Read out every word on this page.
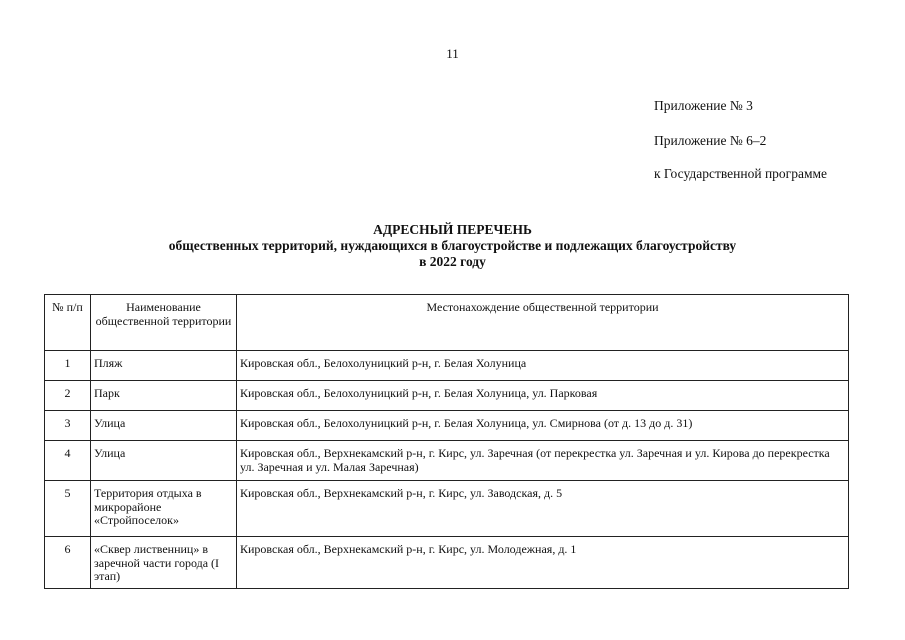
11
Приложение № 3
Приложение № 6–2
к Государственной программе
АДРЕСНЫЙ ПЕРЕЧЕНЬ
общественных территорий, нуждающихся в благоустройстве и подлежащих благоустройству
в 2022 году
№ п/п	Наименование общественной территории	Местонахождение общественной территории
1	Пляж	Кировская обл., Белохолуницкий р-н, г. Белая Холуница
2	Парк	Кировская обл., Белохолуницкий р-н, г. Белая Холуница, ул. Парковая
3	Улица	Кировская обл., Белохолуницкий р-н, г. Белая Холуница, ул. Смирнова (от д. 13 до д. 31)
4	Улица	Кировская обл., Верхнекамский р-н, г. Кирс, ул. Заречная (от перекрестка ул. Заречная и ул. Кирова до перекрестка ул. Заречная и ул. Малая Заречная)
5	Территория отдыха в микрорайоне «Стройпоселок»	Кировская обл., Верхнекамский р-н, г. Кирс, ул. Заводская, д. 5
6	«Сквер лиственниц» в заречной части города (I этап)	Кировская обл., Верхнекамский р-н, г. Кирс, ул. Молодежная, д. 1
